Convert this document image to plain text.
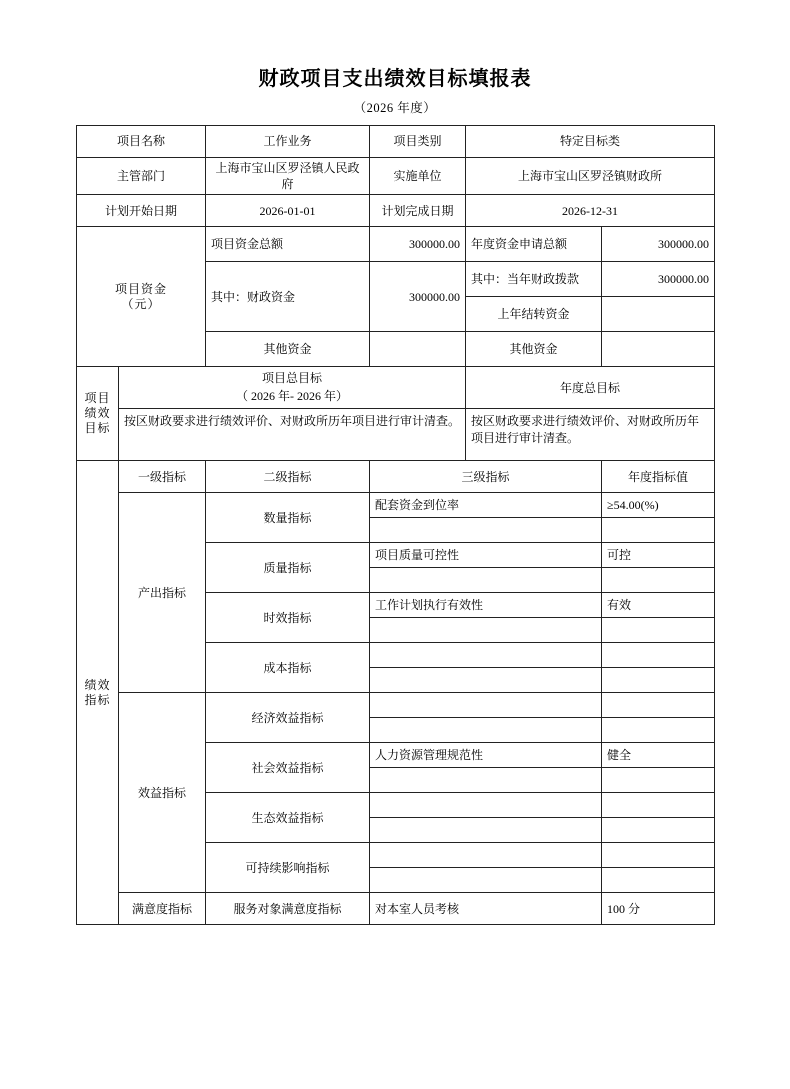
财政项目支出绩效目标填报表
（2026 年度）
项目名称		工作业务	项目类别	特定目标类	
主管部门		上海市宝山区罗泾镇人民政府	实施单位	上海市宝山区罗泾镇财政所	
计划开始日期		2026-01-01	计划完成日期	2026-12-31	

项目资金
（元）		项目资金总额	300000.00	年度资金申请总额	300000.00
		其中：财政资金	300000.00	其中：当年财政拨款	300000.00
				上年结转资金	
		其他资金		其他资金	

项目
绩效
目标

项目总目标
（ 2026 年- 2026 年）
	年度总目标
	按区财政要求进行绩效评价、对财政所历年项目进行审计清查。			按区财政要求进行绩效评价、对财政所历年项目进行审计清查。	

绩效
指标	一级指标	二级指标	三级指标		年度指标值
	产出指标	数量指标	配套资金到位率		≥54.00(%)

		质量指标	项目质量可控性		可控

		时效指标	工作计划执行有效性		有效

		成本指标			

	效益指标	经济效益指标			

		社会效益指标	人力资源管理规范性		健全

		生态效益指标			

		可持续影响指标			

	满意度指标	服务对象满意度指标	对本室人员考核		100 分
